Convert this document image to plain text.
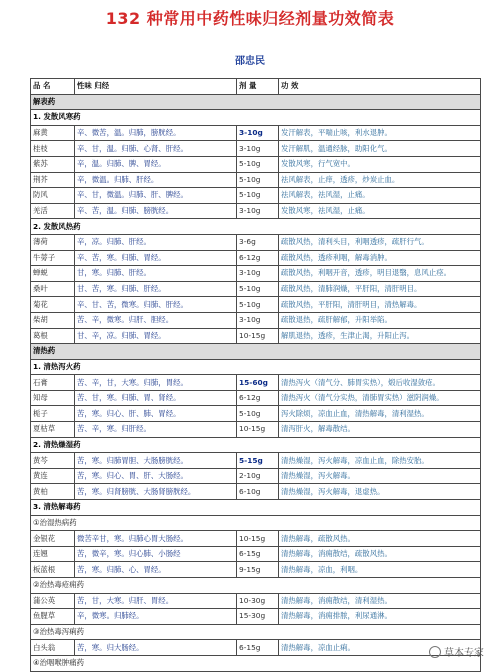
132 种常用中药性味归经剂量功效简表
邵忠民
品 名	性味 归经	剂 量	功 效
解表药			
1. 发散风寒药			
麻黄	辛、微苦，温。归肺，膀胱经。	3-10g	发汗解表，平喘止咳，利水退肿。
桂枝	辛、甘，温。归肺、心肾、肝经。	3-10g	发汗解肌，温通经脉，助阳化气。
紫苏	辛，温。归肺、脾、胃经。	5-10g	发散风寒，行气宽中。
荆芥	辛，微温。归肺、肝经。	5-10g	祛风解表，止痒，透疹，炒炭止血。
防风	辛、甘，微温。归肺、肝、脾经。	5-10g	祛风解表，祛风湿，止痛。
羌活	辛、苦，温。归肺、膀胱经。	3-10g	发散风寒，祛风湿，止痛。
2. 发散风热药			
薄荷	辛，凉。归肺、肝经。	3-6g	疏散风热，清利头目，利咽透疹，疏肝行气。
牛蒡子	辛、苦，寒。归肺、胃经。	6-12g	疏散风热，透疹利咽，解毒消肿。
蝉蜕	甘，寒。归肺、肝经。	3-10g	疏散风热，利咽开音，透疹，明目退翳，息风止痉。
桑叶	甘、苦，寒。归肺、肝经。	5-10g	疏散风热，清肺润燥，平肝阳，清肝明目。
菊花	辛、甘、苦，微寒。归肺、肝经。	5-10g	疏散风热，平肝阳，清肝明目，清热解毒。
柴胡	苦、辛，微寒。归肝、胆经。	3-10g	疏散退热，疏肝解郁，升阳举陷。
葛根	甘、辛，凉。归肺、胃经。	10-15g	解肌退热，透疹，生津止渴，升阳止泻。
清热药			
1. 清热泻火药			
石膏	苦、辛，甘，大寒。归肺，胃经。	15-60g	清热泻火（清气分、肺胃实热），煅后收湿敛疮。
知母	苦、甘，寒。归肺、胃、肾经。	6-12g	清热泻火（清气分实热，清肺胃实热）滋阴润燥。
栀子	苦，寒。归心、肝、肺、胃经。	5-10g	泻火除烦，凉血止血，清热解毒，清利湿热。
夏枯草	苦、辛，寒。归肝经。	10-15g	清泻肝火，解毒散结。
2. 清热燥湿药			
黄芩	苦，寒。归肺胃胆、大肠膀胱经。	5-15g	清热燥湿，泻火解毒，凉血止血，除热安胎。
黄连	苦，寒。归心、胃、肝、大肠经。	2-10g	清热燥湿，泻火解毒。
黄柏	苦，寒。归肾膀胱、大肠肾膀胱经。	6-10g	清热燥湿，泻火解毒，退虚热。
3. 清热解毒药			
①治湿热病药			
金银花	微苦辛甘，寒。归肺心胃大肠经。	10-15g	清热解毒，疏散风热。
连翘	苦，微辛，寒。归心肺、小肠经	6-15g	清热解毒，消痈散结，疏散风热。
板蓝根	苦，寒。归肺、心、胃经。	9-15g	清热解毒，凉血，利咽。
②治热毒疮痈药			
蒲公英	苦，甘，大寒。归肝、胃经。	10-30g	清热解毒，消痈散结，清利湿热。
鱼腥草	辛，微寒。归肺经。	15-30g	清热解毒，消痈排脓，利尿通淋。
③治热毒泻痢药			
白头翁	苦，寒。归大肠经。	6-15g	清热解毒，凉血止痢。
④治咽喉肿痛药			
草本专家
